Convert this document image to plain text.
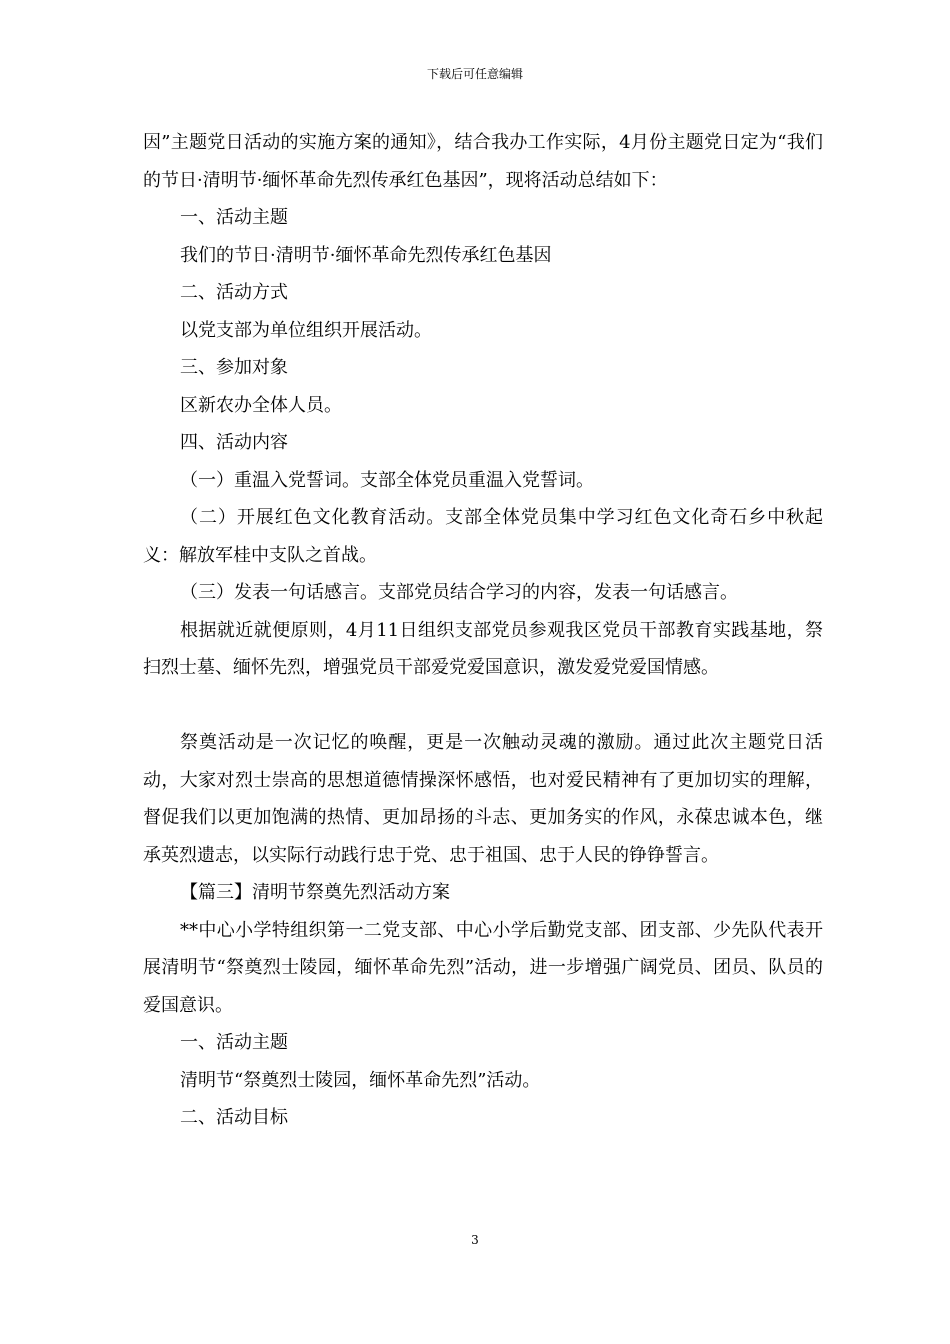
下载后可任意编辑

因”主题党日活动的实施方案的通知》，结合我办工作实际，4月份主题党日定为“我们的节日·清明节·缅怀革命先烈传承红色基因”，现将活动总结如下：

一、活动主题

我们的节日·清明节·缅怀革命先烈传承红色基因

二、活动方式

以党支部为单位组织开展活动。

三、参加对象

区新农办全体人员。

四、活动内容

（一）重温入党誓词。支部全体党员重温入党誓词。

（二）开展红色文化教育活动。支部全体党员集中学习红色文化奇石乡中秋起义：解放军桂中支队之首战。

（三）发表一句话感言。支部党员结合学习的内容，发表一句话感言。

根据就近就便原则，4月11日组织支部党员参观我区党员干部教育实践基地，祭扫烈士墓、缅怀先烈，增强党员干部爱党爱国意识，激发爱党爱国情感。

祭奠活动是一次记忆的唤醒，更是一次触动灵魂的激励。通过此次主题党日活动，大家对烈士崇高的思想道德情操深怀感悟，也对爱民精神有了更加切实的理解，督促我们以更加饱满的热情、更加昂扬的斗志、更加务实的作风，永葆忠诚本色，继承英烈遗志，以实际行动践行忠于党、忠于祖国、忠于人民的铮铮誓言。

【篇三】清明节祭奠先烈活动方案

**中心小学特组织第一二党支部、中心小学后勤党支部、团支部、少先队代表开展清明节“祭奠烈士陵园，缅怀革命先烈”活动，进一步增强广阔党员、团员、队员的爱国意识。

一、活动主题

清明节“祭奠烈士陵园，缅怀革命先烈”活动。

二、活动目标

3
